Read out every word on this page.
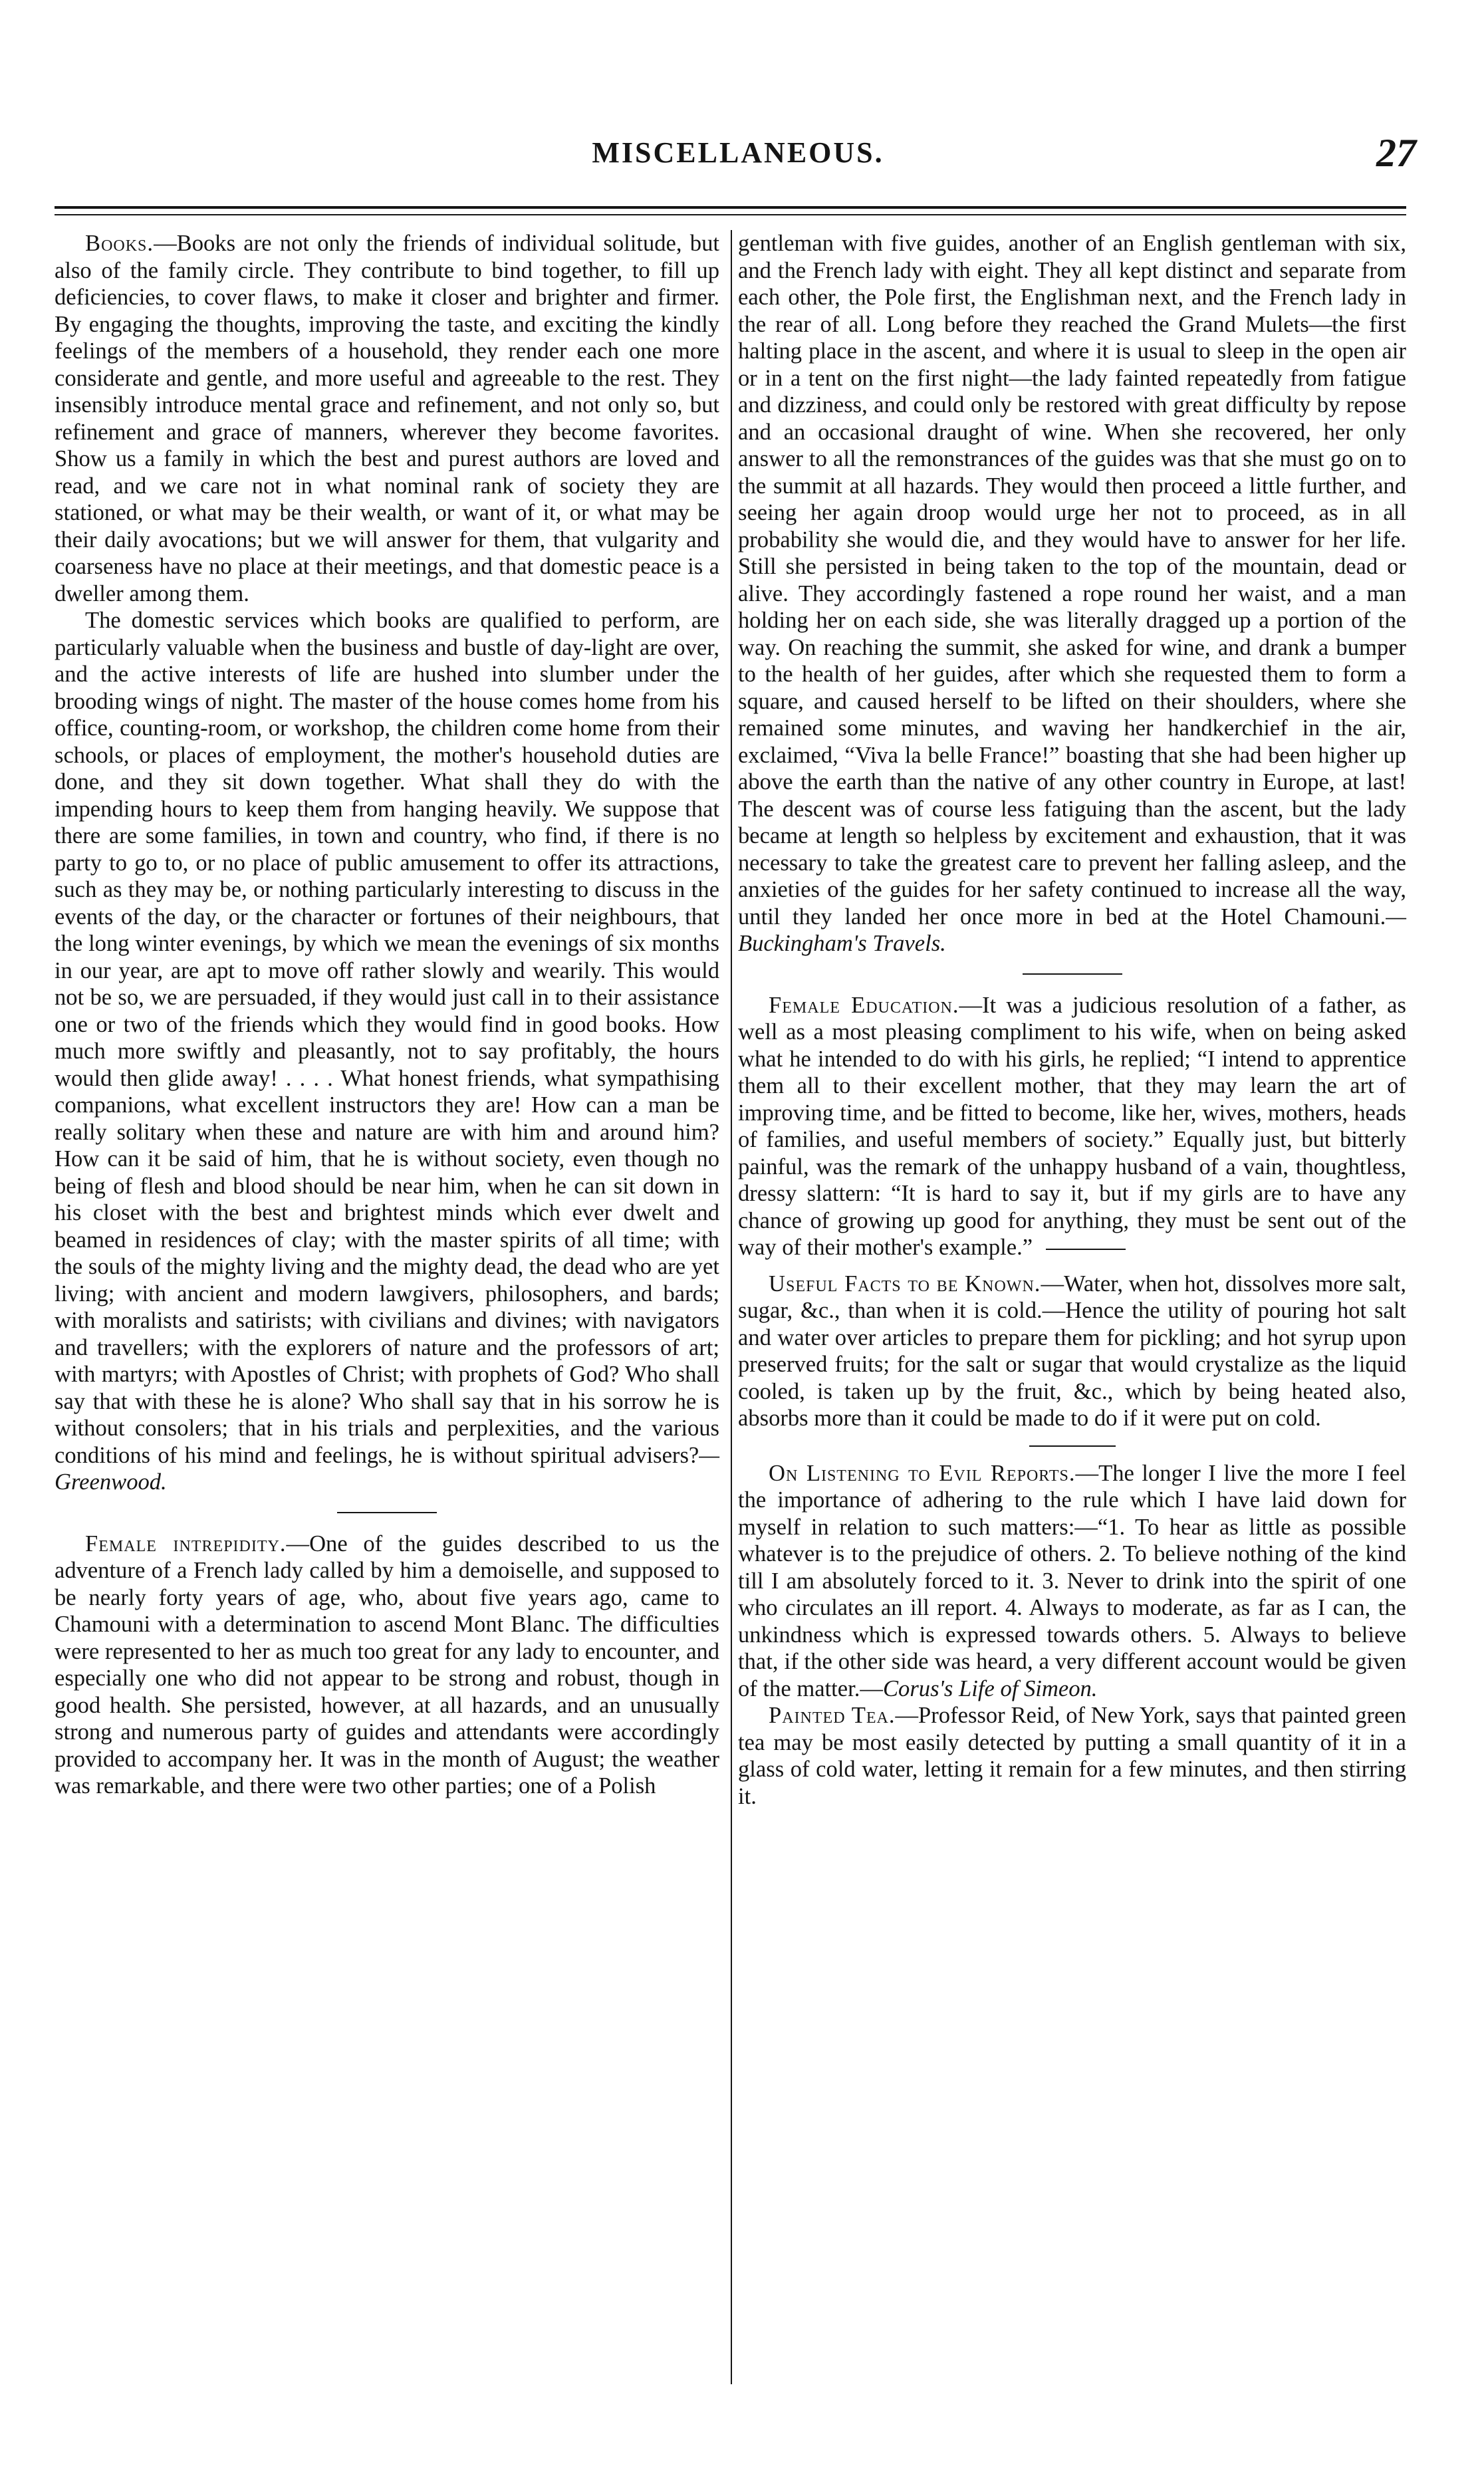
MISCELLANEOUS.	27

Books.—Books are not only the friends of individual solitude, but also of the family circle. They contribute to bind together, to fill up deficiencies, to cover flaws, to make it closer and brighter and firmer. By engaging the thoughts, improving the taste, and exciting the kindly feelings of the members of a household, they render each one more considerate and gentle, and more useful and agreeable to the rest. They insensibly introduce mental grace and refinement, and not only so, but refinement and grace of manners, wherever they become favorites. Show us a family in which the best and purest authors are loved and read, and we care not in what nominal rank of society they are stationed, or what may be their wealth, or want of it, or what may be their daily avocations; but we will answer for them, that vulgarity and coarseness have no place at their meetings, and that domestic peace is a dweller among them.

The domestic services which books are qualified to perform, are particularly valuable when the business and bustle of day-light are over, and the active interests of life are hushed into slumber under the brooding wings of night. The master of the house comes home from his office, counting-room, or workshop, the children come home from their schools, or places of employment, the mother's household duties are done, and they sit down together. What shall they do with the impending hours to keep them from hanging heavily. We suppose that there are some families, in town and country, who find, if there is no party to go to, or no place of public amusement to offer its attractions, such as they may be, or nothing particularly interesting to discuss in the events of the day, or the character or fortunes of their neighbours, that the long winter evenings, by which we mean the evenings of six months in our year, are apt to move off rather slowly and wearily. This would not be so, we are persuaded, if they would just call in to their assistance one or two of the friends which they would find in good books. How much more swiftly and pleasantly, not to say profitably, the hours would then glide away! . . . . What honest friends, what sympathising companions, what excellent instructors they are! How can a man be really solitary when these and nature are with him and around him? How can it be said of him, that he is without society, even though no being of flesh and blood should be near him, when he can sit down in his closet with the best and brightest minds which ever dwelt and beamed in residences of clay; with the master spirits of all time; with the souls of the mighty living and the mighty dead, the dead who are yet living; with ancient and modern lawgivers, philosophers, and bards; with moralists and satirists; with civilians and divines; with navigators and travellers; with the explorers of nature and the professors of art; with martyrs; with Apostles of Christ; with prophets of God? Who shall say that with these he is alone? Who shall say that in his sorrow he is without consolers; that in his trials and perplexities, and the various conditions of his mind and feelings, he is without spiritual advisers?—Greenwood.

Female intrepidity.—One of the guides described to us the adventure of a French lady called by him a demoiselle, and supposed to be nearly forty years of age, who, about five years ago, came to Chamouni with a determination to ascend Mont Blanc. The difficulties were represented to her as much too great for any lady to encounter, and especially one who did not appear to be strong and robust, though in good health. She persisted, however, at all hazards, and an unusually strong and numerous party of guides and attendants were accordingly provided to accompany her. It was in the month of August; the weather was remarkable, and there were two other parties; one of a Polish

gentleman with five guides, another of an English gentleman with six, and the French lady with eight. They all kept distinct and separate from each other, the Pole first, the Englishman next, and the French lady in the rear of all. Long before they reached the Grand Mulets—the first halting place in the ascent, and where it is usual to sleep in the open air or in a tent on the first night—the lady fainted repeatedly from fatigue and dizziness, and could only be restored with great difficulty by repose and an occasional draught of wine. When she recovered, her only answer to all the remonstrances of the guides was that she must go on to the summit at all hazards. They would then proceed a little further, and seeing her again droop would urge her not to proceed, as in all probability she would die, and they would have to answer for her life. Still she persisted in being taken to the top of the mountain, dead or alive. They accordingly fastened a rope round her waist, and a man holding her on each side, she was literally dragged up a portion of the way. On reaching the summit, she asked for wine, and drank a bumper to the health of her guides, after which she requested them to form a square, and caused herself to be lifted on their shoulders, where she remained some minutes, and waving her handkerchief in the air, exclaimed, “Viva la belle France!” boasting that she had been higher up above the earth than the native of any other country in Europe, at last! The descent was of course less fatiguing than the ascent, but the lady became at length so helpless by excitement and exhaustion, that it was necessary to take the greatest care to prevent her falling asleep, and the anxieties of the guides for her safety continued to increase all the way, until they landed her once more in bed at the Hotel Chamouni.—Buckingham's Travels.

Female Education.—It was a judicious resolution of a father, as well as a most pleasing compliment to his wife, when on being asked what he intended to do with his girls, he replied; “I intend to apprentice them all to their excellent mother, that they may learn the art of improving time, and be fitted to become, like her, wives, mothers, heads of families, and useful members of society.” Equally just, but bitterly painful, was the remark of the unhappy husband of a vain, thoughtless, dressy slattern: “It is hard to say it, but if my girls are to have any chance of growing up good for anything, they must be sent out of the way of their mother's example.”

Useful Facts to be Known.—Water, when hot, dissolves more salt, sugar, &c., than when it is cold.—Hence the utility of pouring hot salt and water over articles to prepare them for pickling; and hot syrup upon preserved fruits; for the salt or sugar that would crystalize as the liquid cooled, is taken up by the fruit, &c., which by being heated also, absorbs more than it could be made to do if it were put on cold.

On Listening to Evil Reports.—The longer I live the more I feel the importance of adhering to the rule which I have laid down for myself in relation to such matters:—“1. To hear as little as possible whatever is to the prejudice of others. 2. To believe nothing of the kind till I am absolutely forced to it. 3. Never to drink into the spirit of one who circulates an ill report. 4. Always to moderate, as far as I can, the unkindness which is expressed towards others. 5. Always to believe that, if the other side was heard, a very different account would be given of the matter.—Corus's Life of Simeon.

Painted Tea.—Professor Reid, of New York, says that painted green tea may be most easily detected by putting a small quantity of it in a glass of cold water, letting it remain for a few minutes, and then stirring it.
